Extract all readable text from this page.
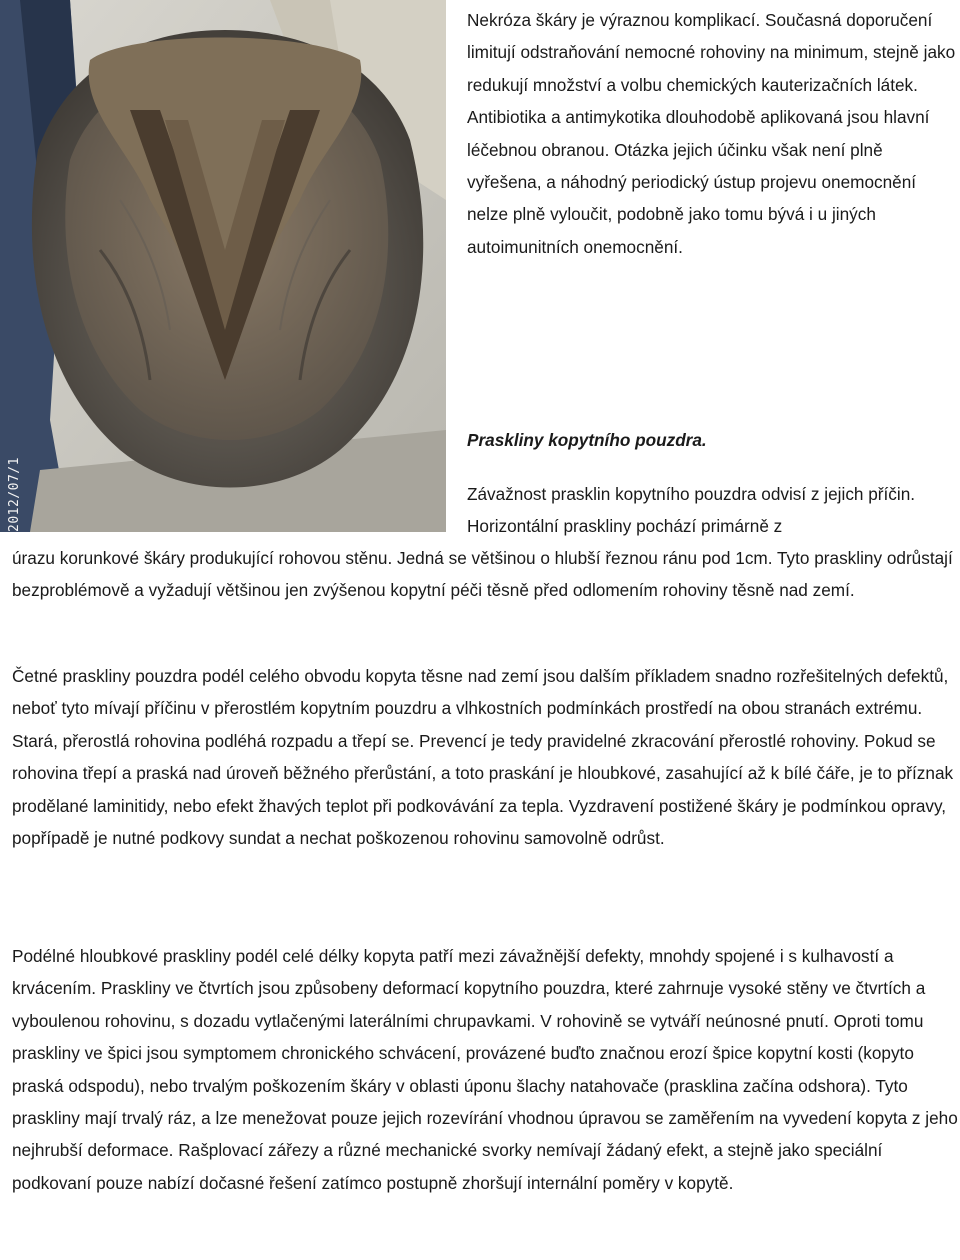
2012/07/1

Nekróza škáry je výraznou komplikací. Současná doporučení limitují odstraňování nemocné rohoviny na minimum, stejně jako redukují množství a volbu chemických kauterizačních látek. Antibiotika a antimykotika dlouhodobě aplikovaná jsou hlavní léčebnou obranou. Otázka jejich účinku však není plně vyřešena, a náhodný periodický ústup projevu onemocnění nelze plně vyloučit, podobně jako tomu bývá i u jiných autoimunitních onemocnění.

Praskliny kopytního pouzdra.

Závažnost prasklin kopytního pouzdra odvisí z jejich příčin. Horizontální praskliny pochází primárně z

úrazu korunkové škáry produkující rohovou stěnu. Jedná se většinou o hlubší řeznou ránu pod 1cm. Tyto praskliny odrůstají bezproblémově a vyžadují většinou jen zvýšenou kopytní péči těsně před odlomením rohoviny těsně nad zemí.

Četné praskliny pouzdra podél celého obvodu kopyta těsne nad zemí jsou dalším příkladem snadno rozřešitelných defektů, neboť tyto mívají příčinu v přerostlém kopytním pouzdru a vlhkostních podmínkách prostředí na obou stranách extrému. Stará, přerostlá rohovina podléhá rozpadu a třepí se. Prevencí je tedy pravidelné zkracování přerostlé rohoviny. Pokud se rohovina třepí a praská nad úroveň běžného přerůstání, a toto praskání je hloubkové, zasahující až k bílé čáře, je to příznak prodělané laminitidy, nebo efekt žhavých teplot při podkovávání za tepla. Vyzdravení postižené škáry je podmínkou opravy, popřípadě je nutné podkovy sundat a nechat poškozenou rohovinu samovolně odrůst.

Podélné hloubkové praskliny podél celé délky kopyta patří mezi závažnější defekty, mnohdy spojené i s kulhavostí a krvácením. Praskliny ve čtvrtích jsou způsobeny deformací kopytního pouzdra, které zahrnuje vysoké stěny ve čtvrtích a vyboulenou rohovinu, s dozadu vytlačenými laterálními chrupavkami. V rohovině se vytváří neúnosné pnutí. Oproti tomu praskliny ve špici jsou symptomem chronického schvácení, provázené buďto značnou erozí špice kopytní kosti (kopyto praská odspodu), nebo trvalým poškozením škáry v oblasti úponu šlachy natahovače (prasklina začína odshora). Tyto praskliny mají trvalý ráz, a lze menežovat pouze jejich rozevírání vhodnou úpravou se zaměřením na vyvedení kopyta z jeho nejhrubší deformace. Rašplovací zářezy a různé mechanické svorky nemívají žádaný efekt, a stejně jako speciální podkovaní pouze nabízí dočasné řešení zatímco postupně zhoršují internální poměry v kopytě.
